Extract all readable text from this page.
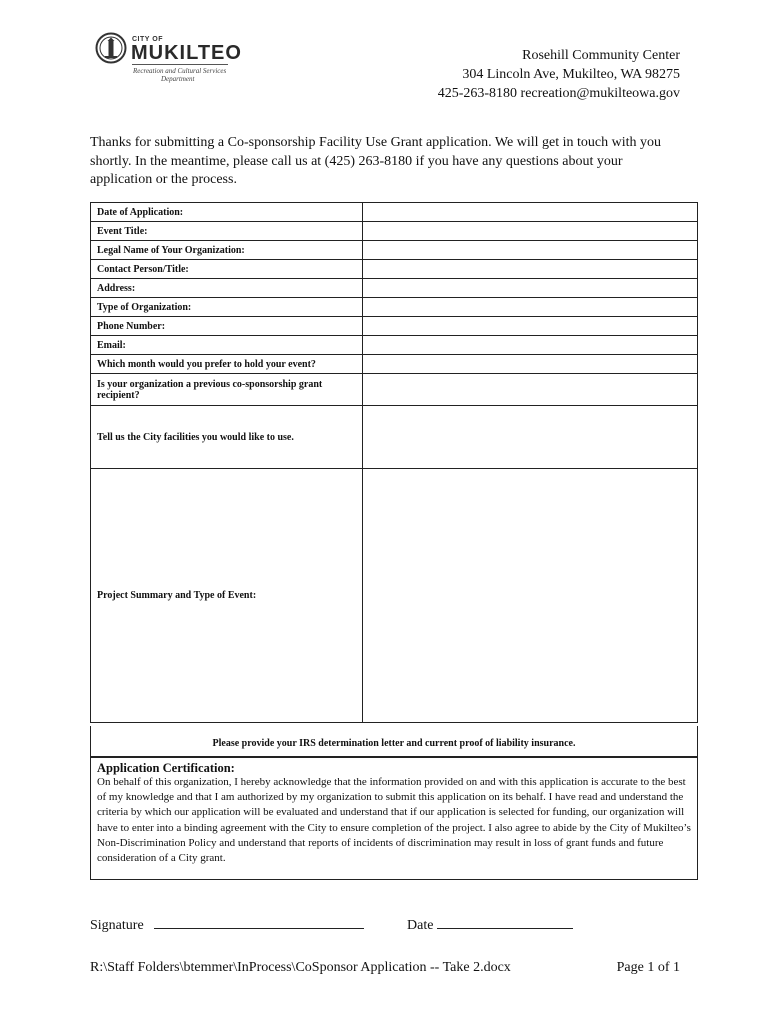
CITY OF
MUKILTEO
Recreation and Cultural Services
Department
Rosehill Community Center
304 Lincoln Ave, Mukilteo, WA 98275
425-263-8180 recreation@mukilteowa.gov
Thanks for submitting a Co-sponsorship Facility Use Grant application. We will get in touch with you shortly. In the meantime, please call us at (425) 263-8180 if you have any questions about your application or the process.
Date of Application:	
Event Title:	
Legal Name of Your Organization:	
Contact Person/Title:	
Address:	
Type of Organization:	
Phone Number:	
Email:	
Which month would you prefer to hold your event?	
Is your organization a previous co-sponsorship grant recipient?	
Tell us the City facilities you would like to use.	
Project Summary and Type of Event:	
Please provide your IRS determination letter and current proof of liability insurance.
Application Certification:
On behalf of this organization, I hereby acknowledge that the information provided on and with this application is accurate to the best of my knowledge and that I am authorized by my organization to submit this application on its behalf. I have read and understand the criteria by which our application will be evaluated and understand that if our application is selected for funding, our organization will have to enter into a binding agreement with the City to ensure completion of the project. I also agree to abide by the City of Mukilteo’s Non-Discrimination Policy and understand that reports of incidents of discrimination may result in loss of grant funds and future consideration of a City grant.
Signature	Date
R:\Staff Folders\btemmer\InProcess\CoSponsor Application -- Take 2.docx	Page 1 of 1
